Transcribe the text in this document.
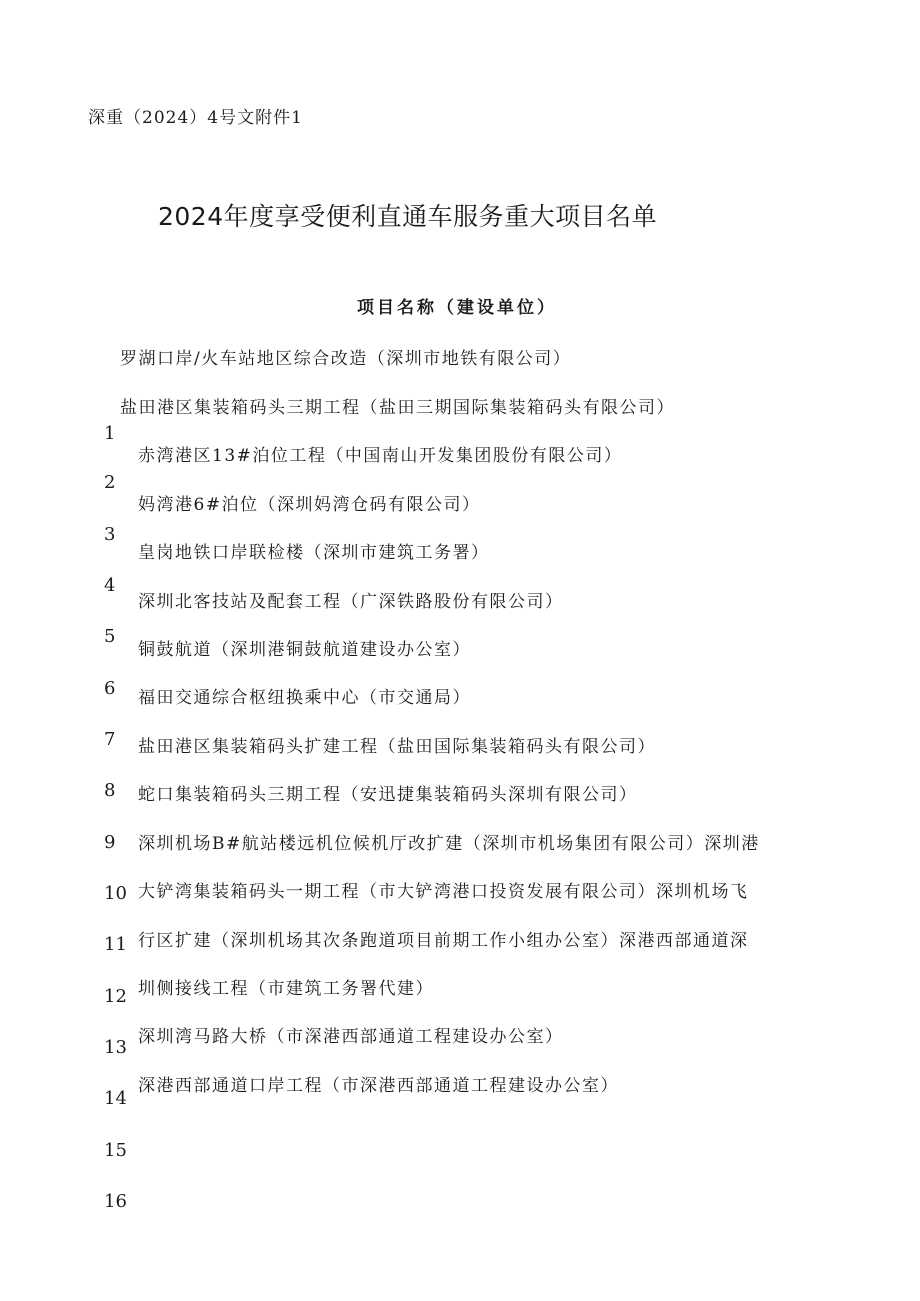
深重（2024）4号文附件1
2024年度享受便利直通车服务重大项目名单
项目名称（建设单位）
罗湖口岸/火车站地区综合改造（深圳市地铁有限公司）
盐田港区集装箱码头三期工程（盐田三期国际集装箱码头有限公司）
赤湾港区13#泊位工程（中国南山开发集团股份有限公司）
妈湾港6#泊位（深圳妈湾仓码有限公司）
皇岗地铁口岸联检楼（深圳市建筑工务署）
深圳北客技站及配套工程（广深铁路股份有限公司）
铜鼓航道（深圳港铜鼓航道建设办公室）
福田交通综合枢纽换乘中心（市交通局）
盐田港区集装箱码头扩建工程（盐田国际集装箱码头有限公司）
蛇口集装箱码头三期工程（安迅捷集装箱码头深圳有限公司）
深圳机场B#航站楼远机位候机厅改扩建（深圳市机场集团有限公司）深圳港
大铲湾集装箱码头一期工程（市大铲湾港口投资发展有限公司）深圳机场飞
行区扩建（深圳机场其次条跑道项目前期工作小组办公室）深港西部通道深
圳侧接线工程（市建筑工务署代建）
深圳湾马路大桥（市深港西部通道工程建设办公室）
深港西部通道口岸工程（市深港西部通道工程建设办公室）
1
2
3
4
5
6
7
8
9
10
11
12
13
14
15
16
